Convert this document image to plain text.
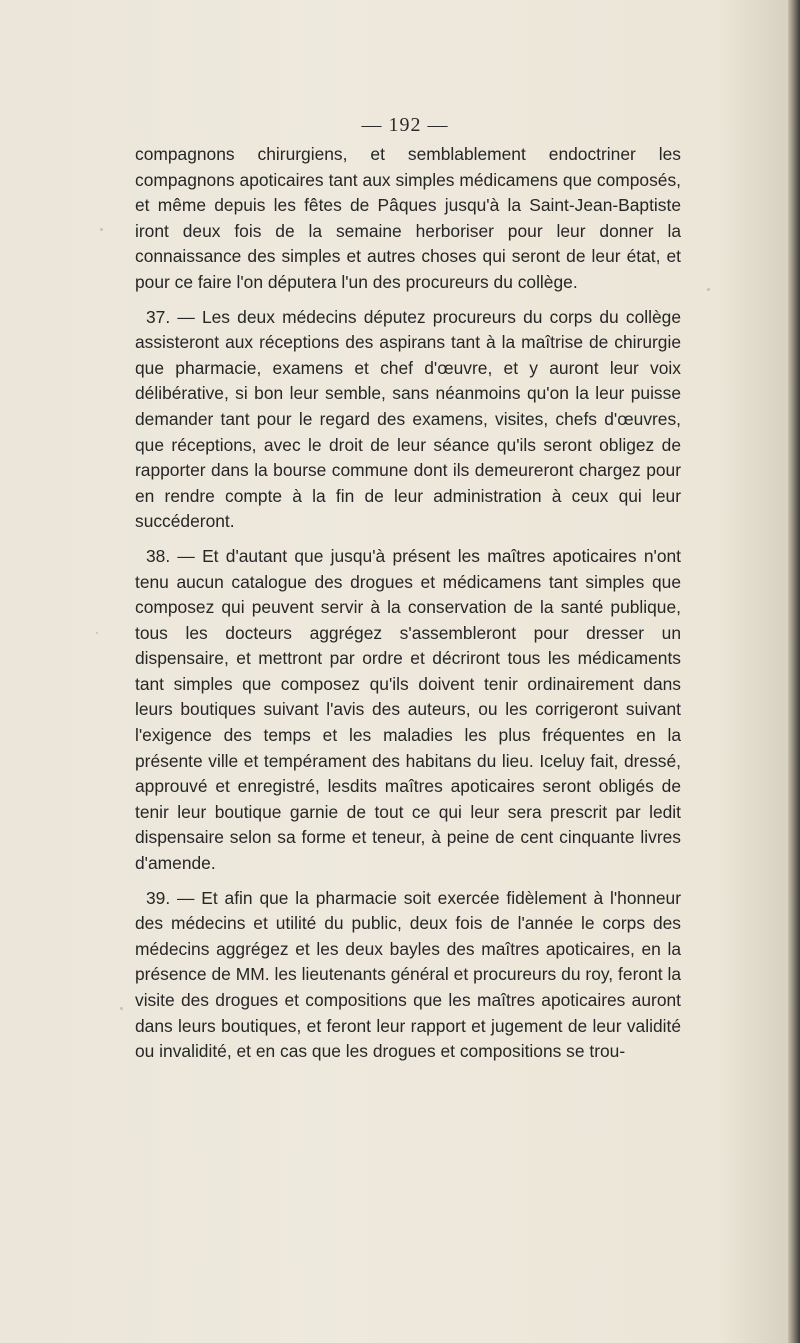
— 192 —

compagnons chirurgiens, et semblablement endoctriner les compagnons apoticaires tant aux simples médicamens que composés, et même depuis les fêtes de Pâques jusqu'à la Saint-Jean-Baptiste iront deux fois de la semaine herboriser pour leur donner la connaissance des simples et autres choses qui seront de leur état, et pour ce faire l'on députera l'un des procureurs du collège.

37. — Les deux médecins députez procureurs du corps du collège assisteront aux réceptions des aspirans tant à la maîtrise de chirurgie que pharmacie, examens et chef d'œuvre, et y auront leur voix délibérative, si bon leur semble, sans néanmoins qu'on la leur puisse demander tant pour le regard des examens, visites, chefs d'œuvres, que réceptions, avec le droit de leur séance qu'ils seront obligez de rapporter dans la bourse commune dont ils demeureront chargez pour en rendre compte à la fin de leur administration à ceux qui leur succéderont.

38. — Et d'autant que jusqu'à présent les maîtres apoticaires n'ont tenu aucun catalogue des drogues et médicamens tant simples que composez qui peuvent servir à la conservation de la santé publique, tous les docteurs aggrégez s'assembleront pour dresser un dispensaire, et mettront par ordre et décriront tous les médicaments tant simples que composez qu'ils doivent tenir ordinairement dans leurs boutiques suivant l'avis des auteurs, ou les corrigeront suivant l'exigence des temps et les maladies les plus fréquentes en la présente ville et tempérament des habitans du lieu. Iceluy fait, dressé, approuvé et enregistré, lesdits maîtres apoticaires seront obligés de tenir leur boutique garnie de tout ce qui leur sera prescrit par ledit dispensaire selon sa forme et teneur, à peine de cent cinquante livres d'amende.

39. — Et afin que la pharmacie soit exercée fidèlement à l'honneur des médecins et utilité du public, deux fois de l'année le corps des médecins aggrégez et les deux bayles des maîtres apoticaires, en la présence de MM. les lieutenants général et procureurs du roy, feront la visite des drogues et compositions que les maîtres apoticaires auront dans leurs boutiques, et feront leur rapport et jugement de leur validité ou invalidité, et en cas que les drogues et compositions se trou-
